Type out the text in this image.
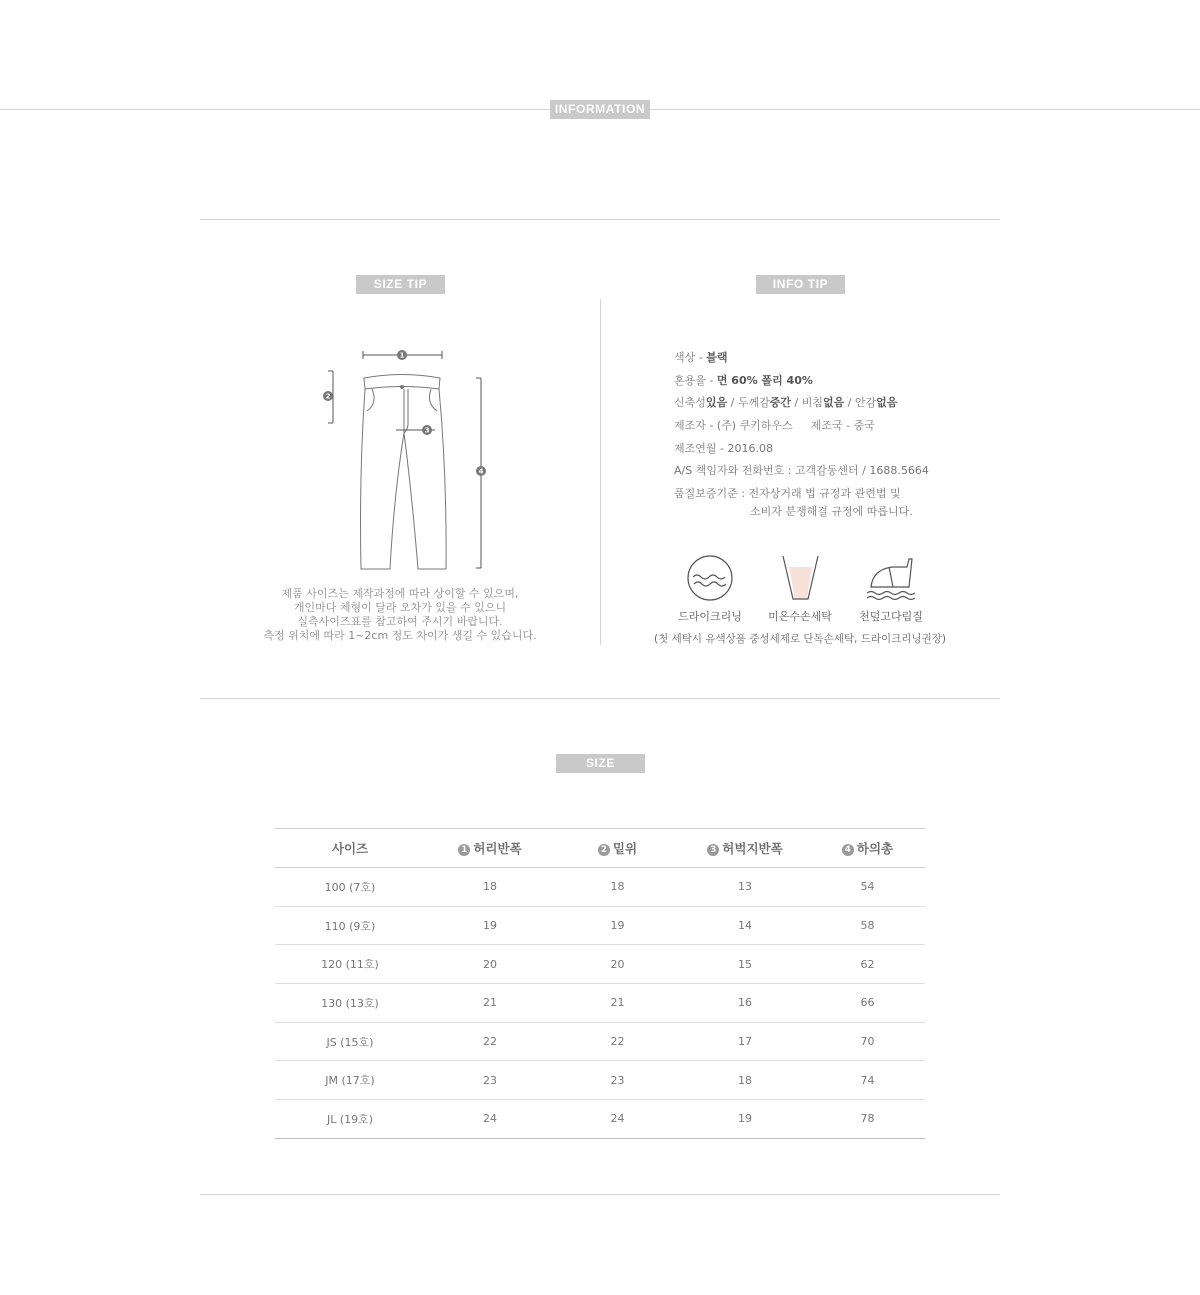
INFORMATION
SIZE TIP
1
2
3
4
제품 사이즈는 제작과정에 따라 상이할 수 있으며,
개인마다 체형이 달라 오차가 있을 수 있으니
실측사이즈표를 참고하여 주시기 바랍니다.
측정 위치에 따라 1~2cm 정도 차이가 생길 수 있습니다.
INFO TIP
색상 - 블랙
혼용율 - 면 60% 폴리 40%
신축성있음 / 두께감중간 / 비침없음 / 안감없음
제조자 - (주) 쿠키하우스 제조국 - 중국
제조연월 - 2016.08
A/S 책임자와 전화번호 : 고객감동센터 / 1688.5664
품질보증기준 : 전자상거래 법 규정과 관련법 및
소비자 분쟁해결 규정에 따릅니다.
드라이크리닝	미온수손세탁	천덮고다림질
(첫 세탁시 유색상품 중성세제로 단독손세탁, 드라이크리닝권장)
SIZE
사이즈	1 허리반폭	2 밑위	3 허벅지반폭	4 하의총
100 (7호)	18	18	13	54
110 (9호)	19	19	14	58
120 (11호)	20	20	15	62
130 (13호)	21	21	16	66
JS (15호)	22	22	17	70
JM (17호)	23	23	18	74
JL (19호)	24	24	19	78
